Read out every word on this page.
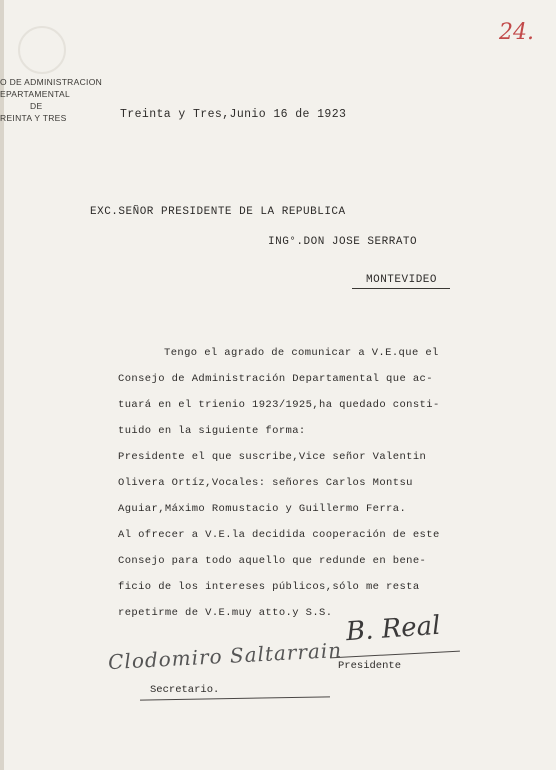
24.
O DE ADMINISTRACION
EPARTAMENTAL
DE
REINTA Y TRES	Treinta y Tres,Junio 16 de 1923
EXC.SEÑOR PRESIDENTE DE LA REPUBLICA
ING°.DON JOSE SERRATO
MONTEVIDEO
Tengo el agrado de comunicar a V.E.que el
Consejo de Administración Departamental que ac-
tuará en el trienio 1923/1925,ha quedado consti-
tuido en la siguiente forma:
Presidente el que suscribe,Vice señor Valentin
Olivera Ortíz,Vocales: señores Carlos Montsu
Aguiar,Máximo Romustacio y Guillermo Ferra.
Al ofrecer a V.E.la decidida cooperación de este
Consejo para todo aquello que redunde en bene-
ficio de los intereses públicos,sólo me resta
repetirme de V.E.muy atto.y S.S. B. Real
Presidente
Clodomiro Saltarrain
Secretario.
